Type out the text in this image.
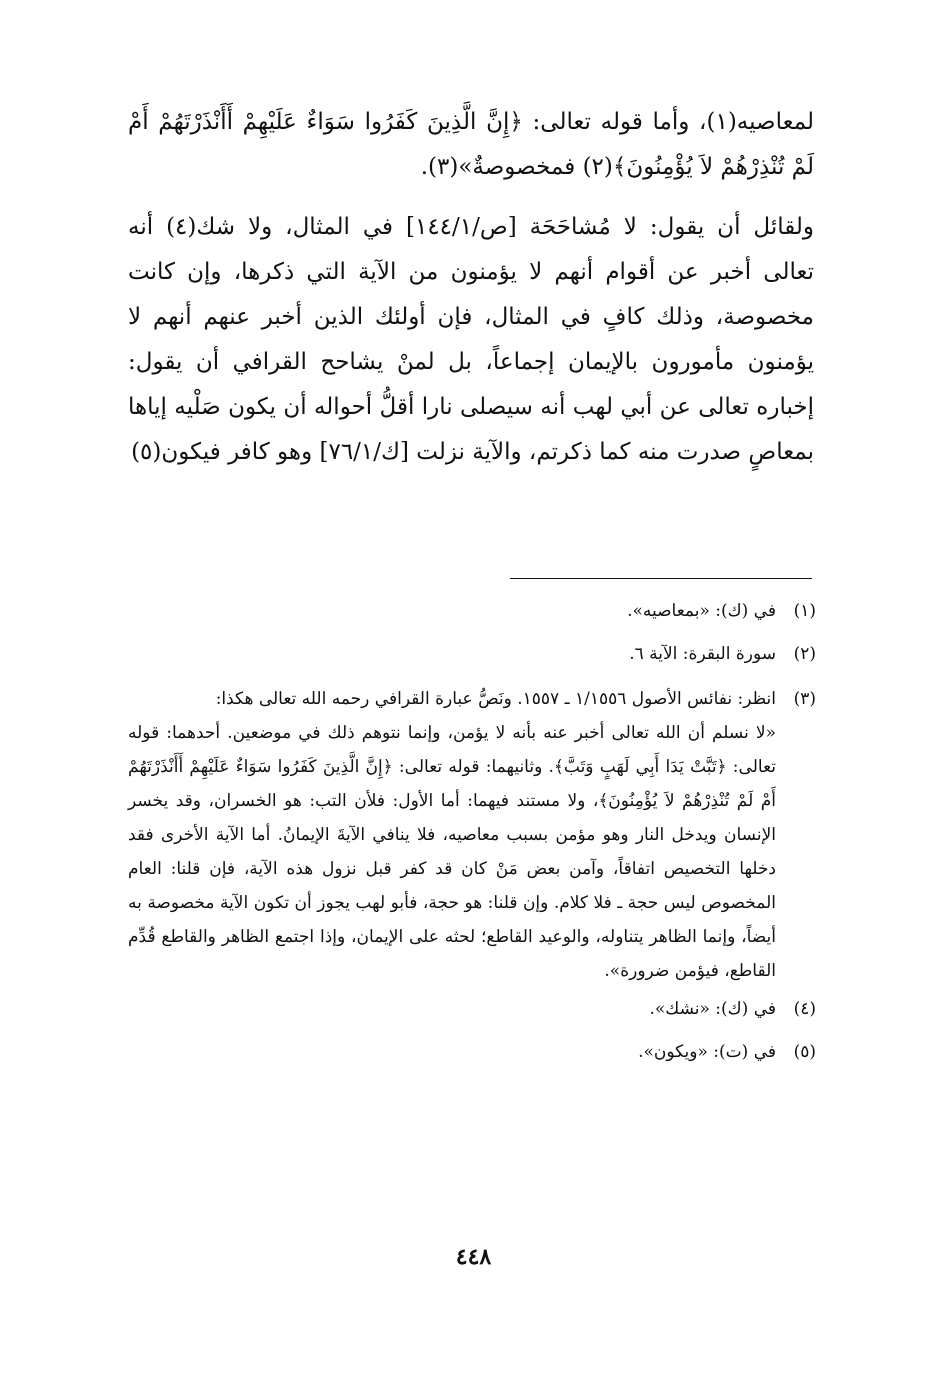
لمعاصيه(١)، وأما قوله تعالى: ﴿إِنَّ الَّذِينَ كَفَرُوا سَوَاءٌ عَلَيْهِمْ أَأَنْذَرْتَهُمْ أَمْ لَمْ تُنْذِرْهُمْ لاَ يُؤْمِنُونَ﴾(٢) فمخصوصةٌ»(٣).

ولقائل أن يقول: لا مُشاحَحَة [ص/١٤٤/١] في المثال، ولا شك(٤) أنه تعالى أخبر عن أقوام أنهم لا يؤمنون من الآية التي ذكرها، وإن كانت مخصوصة، وذلك كافٍ في المثال، فإن أولئك الذين أخبر عنهم أنهم لا يؤمنون مأمورون بالإيمان إجماعاً، بل لمنْ يشاحح القرافي أن يقول: إخباره تعالى عن أبي لهب أنه سيصلى نارا أقلُّ أحواله أن يكون صَلْيه إياها بمعاصٍ صدرت منه كما ذكرتم، والآية نزلت [ك/٧٦/١] وهو كافر فيكون(٥)

(١)
في (ك): «بمعاصيه».
(٢)
سورة البقرة: الآية ٦.
(٣)

انظر: نفائس الأصول ١/١٥٥٦ ـ ١٥٥٧. ونَصُّ عبارة القرافي رحمه الله تعالى هكذا:

«لا نسلم أن الله تعالى أخبر عنه بأنه لا يؤمن، وإنما نتوهم ذلك في موضعين. أحدهما: قوله تعالى: ﴿تَبَّتْ يَدَا أَبِي لَهَبٍ وَتَبَّ﴾. وثانيهما: قوله تعالى: ﴿إِنَّ الَّذِينَ كَفَرُوا سَوَاءٌ عَلَيْهِمْ أَأَنْذَرْتَهُمْ أَمْ لَمْ تُنْذِرْهُمْ لاَ يُؤْمِنُونَ﴾، ولا مستند فيهما: أما الأول: فلأن التب: هو الخسران، وقد يخسر الإنسان ويدخل النار وهو مؤمن بسبب معاصيه، فلا ينافي الآيةَ الإيمانُ. أما الآية الأخرى فقد دخلها التخصيص اتفاقاً، وآمن بعض مَنْ كان قد كفر قبل نزول هذه الآية، فإن قلنا: العام المخصوص ليس حجة ـ فلا كلام. وإن قلنا: هو حجة، فأبو لهب يجوز أن تكون الآية مخصوصة به أيضاً، وإنما الظاهر يتناوله، والوعيد القاطع؛ لحثه على الإيمان، وإذا اجتمع الظاهر والقاطع قُدِّم القاطع، فيؤمن ضرورة».

(٤)
في (ك): «نشك».
(٥)
في (ت): «ويكون».
٤٤٨
